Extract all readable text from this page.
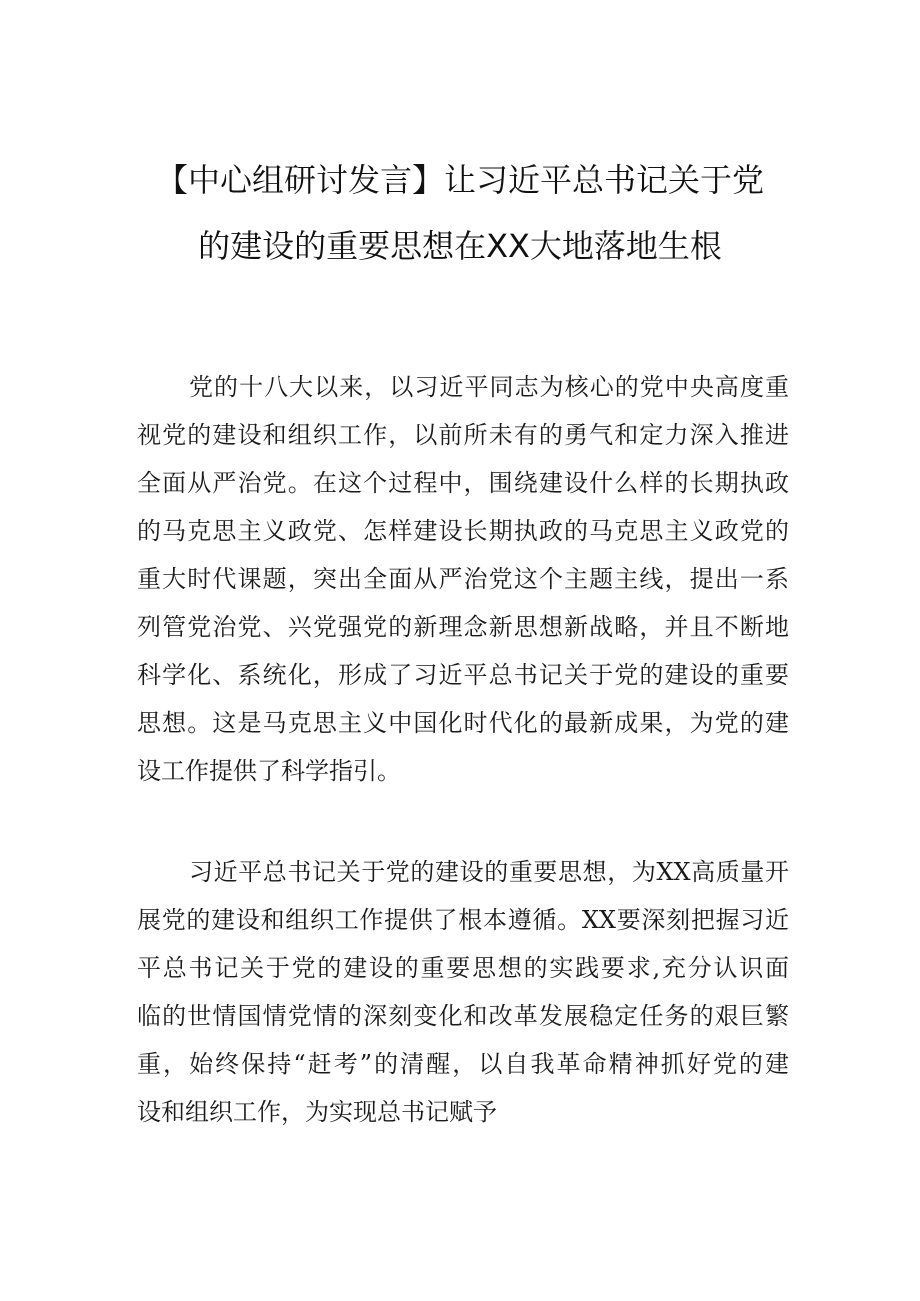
【中心组研讨发言】让习近平总书记关于党
的建设的重要思想在XX大地落地生根
党的十八大以来，以习近平同志为核心的党中央高度重
视党的建设和组织工作，以前所未有的勇气和定力深入推进
全面从严治党。在这个过程中，围绕建设什么样的长期执政
的马克思主义政党、怎样建设长期执政的马克思主义政党的
重大时代课题，突出全面从严治党这个主题主线，提出一系
列管党治党、兴党强党的新理念新思想新战略，并且不断地
科学化、系统化，形成了习近平总书记关于党的建设的重要
思想。这是马克思主义中国化时代化的最新成果，为党的建
设工作提供了科学指引。
习近平总书记关于党的建设的重要思想，为XX高质量开
展党的建设和组织工作提供了根本遵循。XX要深刻把握习近
平总书记关于党的建设的重要思想的实践要求,充分认识面
临的世情国情党情的深刻变化和改革发展稳定任务的艰巨繁
重，始终保持“赶考”的清醒，以自我革命精神抓好党的建
设和组织工作，为实现总书记赋予
